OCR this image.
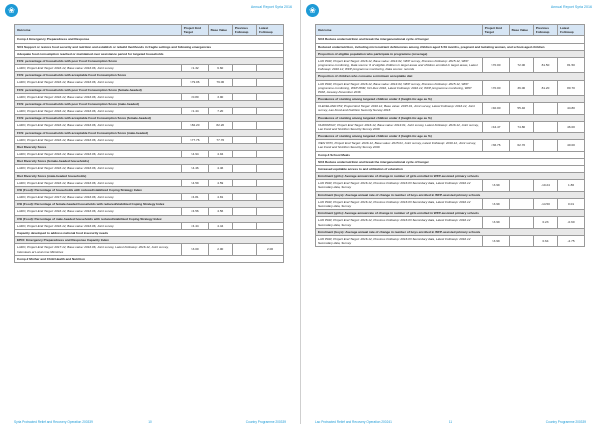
❀	Annual Report Syria 2016
Outcome	Project End Target	Base Value	Previous Followup	Latest Followup
Comp.1 Emergency Preparedness and Response				
SO1 Support or restore food security and nutrition and establish or rebuild livelihoods in fragile settings and following emergencies				
Adequate food consumption reached or maintained over assistance period for targeted households				
FCS: percentage of households with poor Food Consumption Score				
LADO, Project End Target: 2016.12, Base value: 2016.06, Joint survey	<1.32	6.60		
FCS: percentage of households with acceptable Food Consumption Score				
LADO, Project End Target: 2016.12, Base value: 2016.06, Joint survey	>79.06	79.06		
FCS: percentage of households with poor Food Consumption Score (female-headed)				
LADO, Project End Target: 2016.12, Base value: 2016.06, Joint survey	<0.80	3.90		
FCS: percentage of households with poor Food Consumption Score (male-headed)				
LADO, Project End Target: 2016.12, Base value: 2016.06, Joint survey	<1.44	7.20		
FCS: percentage of households with acceptable Food Consumption Score (female-headed)				
LADO, Project End Target: 2016.12, Base value: 2016.06, Joint survey	>82.20	82.20		
FCS: percentage of households with acceptable Food Consumption Score (male-headed)				
LADO, Project End Target: 2016.12, Base value: 2016.06, Joint survey	>77.76	77.76		
Diet Diversity Score				
LADO, Project End Target: 2016.12, Base value: 2016.06, Joint survey	>4.94	4.94		
Diet Diversity Score (female-headed households)				
LADO, Project End Target: 2016.12, Base value: 2016.06, Joint survey	>4.46	4.46		
Diet Diversity Score (male-headed households)				
LADO, Project End Target: 2016.12, Base value: 2016.06, Joint survey	>4.59	4.59		
CSI (Food): Percentage of households with reduced/stabilized Coping Strategy Index				
LADO, Project End Target: 2017.12, Base value: 2016.06, Joint survey	<4.81	4.81		
CSI (Food): Percentage of female-headed households with reduced/stabilized Coping Strategy Index				
LADO, Project End Target: 2016.12, Base value: 2016.06, Joint survey	<4.56	4.56		
CSI (Food): Percentage of male-headed households with reduced/stabilized Coping Strategy Index				
LADO, Project End Target: 2016.12, Base value: 2016.06, Joint survey	<4.44	4.44		
Capacity developed to address national food insecurity needs				
EPCI: Emergency Preparedness and Response Capacity Index				
LADO, Project End Target: 2017.12, Base value: 2016.06, Joint survey, Latest Followup: 2016.12, Joint survey, Interviews at Local Line Ministries	>3.00	2.00		2.00
Comp.2 Mother and Child Health and Nutrition				
Syria Protracted Relief and Recovery Operation 200339	10	Country Programme 200339
❀	Annual Report Syria 2016
Outcome	Project End Target	Base Value	Previous Followup	Latest Followup
SO4 Reduce undernutrition and break the intergenerational cycle of hunger				
Reduced undernutrition, including micronutrient deficiencies among children aged 6-59 months, pregnant and lactating women, and school-aged children				
Proportion of eligible population who participate in programme (coverage)				
LAO PDR, Project End Target: 2016.12, Base value: 2014.02, WFP survey, Previous Followup: 2015.12, WFP programme monitoring, Data source: # of eligible children in target areas and children enrolled in target areas, Latest Followup: 2016.12, WFP programme monitoring, Data source: records	>70.00	72.00	81.50	81.50
Proportion of children who consume a minimum acceptable diet				
LAO PDR, Project End Target: 2016.12, Base value: 2014.04, WFP survey, Previous Followup: 2015.12, WFP programme monitoring, WFP PDM, Oct-Dec 2016, Latest Followup: 2016.12, WFP programme monitoring, WFP PDM, January-November 2016	>70.00	36.00	81.20	80.70
Prevalence of stunting among targeted children under 2 (height-for-age as %)				
CLEVELAND PW, Project End Target: 2016.12, Base value: 2015.01, Joint survey, Latest Followup: 2016.12, Joint survey, Lao Food and Nutrition Security Survey 2016	<40.00	55.40		44.80
Prevalence of stunting among targeted children under 2 (height-for-age as %)				
OUDOMXAY, Project End Target: 2016.12, Base value: 2014.01, Joint survey, Latest Followup: 2016.12, Joint survey, Lao Food and Nutrition Security Survey 2016	<44.47	74.80		46.00
Prevalence of stunting among targeted children under 2 (height-for-age as %)				
XIEN KHO, Project End Target: 2016.12, Base value: 2015.01, Joint survey, Latest Followup: 2016.12, Joint survey, Lao Food and Nutrition Security Survey 2016	<36.76	62.70		40.00
Comp.3 School Meals				
SO4 Reduce undernutrition and break the intergenerational cycle of hunger				
Increased equitable access to and utilization of education				
Enrolment (girls): Average annual rate of change in number of girls enrolled in WFP-assisted primary schools				
LAO PDR, Project End Target: 2016.12, Previous Followup: 2016.03 Secondary data, Latest Followup: 2016.12 Secondary data, Survey	>3.99		-10.24	1.86
Enrolment (boys): Average annual rate of change in number of boys enrolled in WFP-assisted primary schools				
LAO PDR, Project End Target: 2016.12, Previous Followup: 2016.03 Secondary data, Latest Followup: 2016.12 Secondary data, Survey	>3.99		-14.50	0.01
Enrolment (girls): Average annual rate of change in number of girls enrolled in WFP-assisted primary schools				
LAO PDR, Project End Target: 2016.12, Previous Followup: 2016.03 Secondary data, Latest Followup: 2016.12 Secondary data, Survey	>3.99		0.23	-0.60
Enrolment (boys): Average annual rate of change in number of boys enrolled in WFP-assisted primary schools				
LAO PDR, Project End Target: 2016.12, Previous Followup: 2016.03 Secondary data, Latest Followup: 2016.12 Secondary data, Survey	>3.99		0.64	-2.75
Lao Protracted Relief and Recovery Operation 200241	11	Country Programme 200339
